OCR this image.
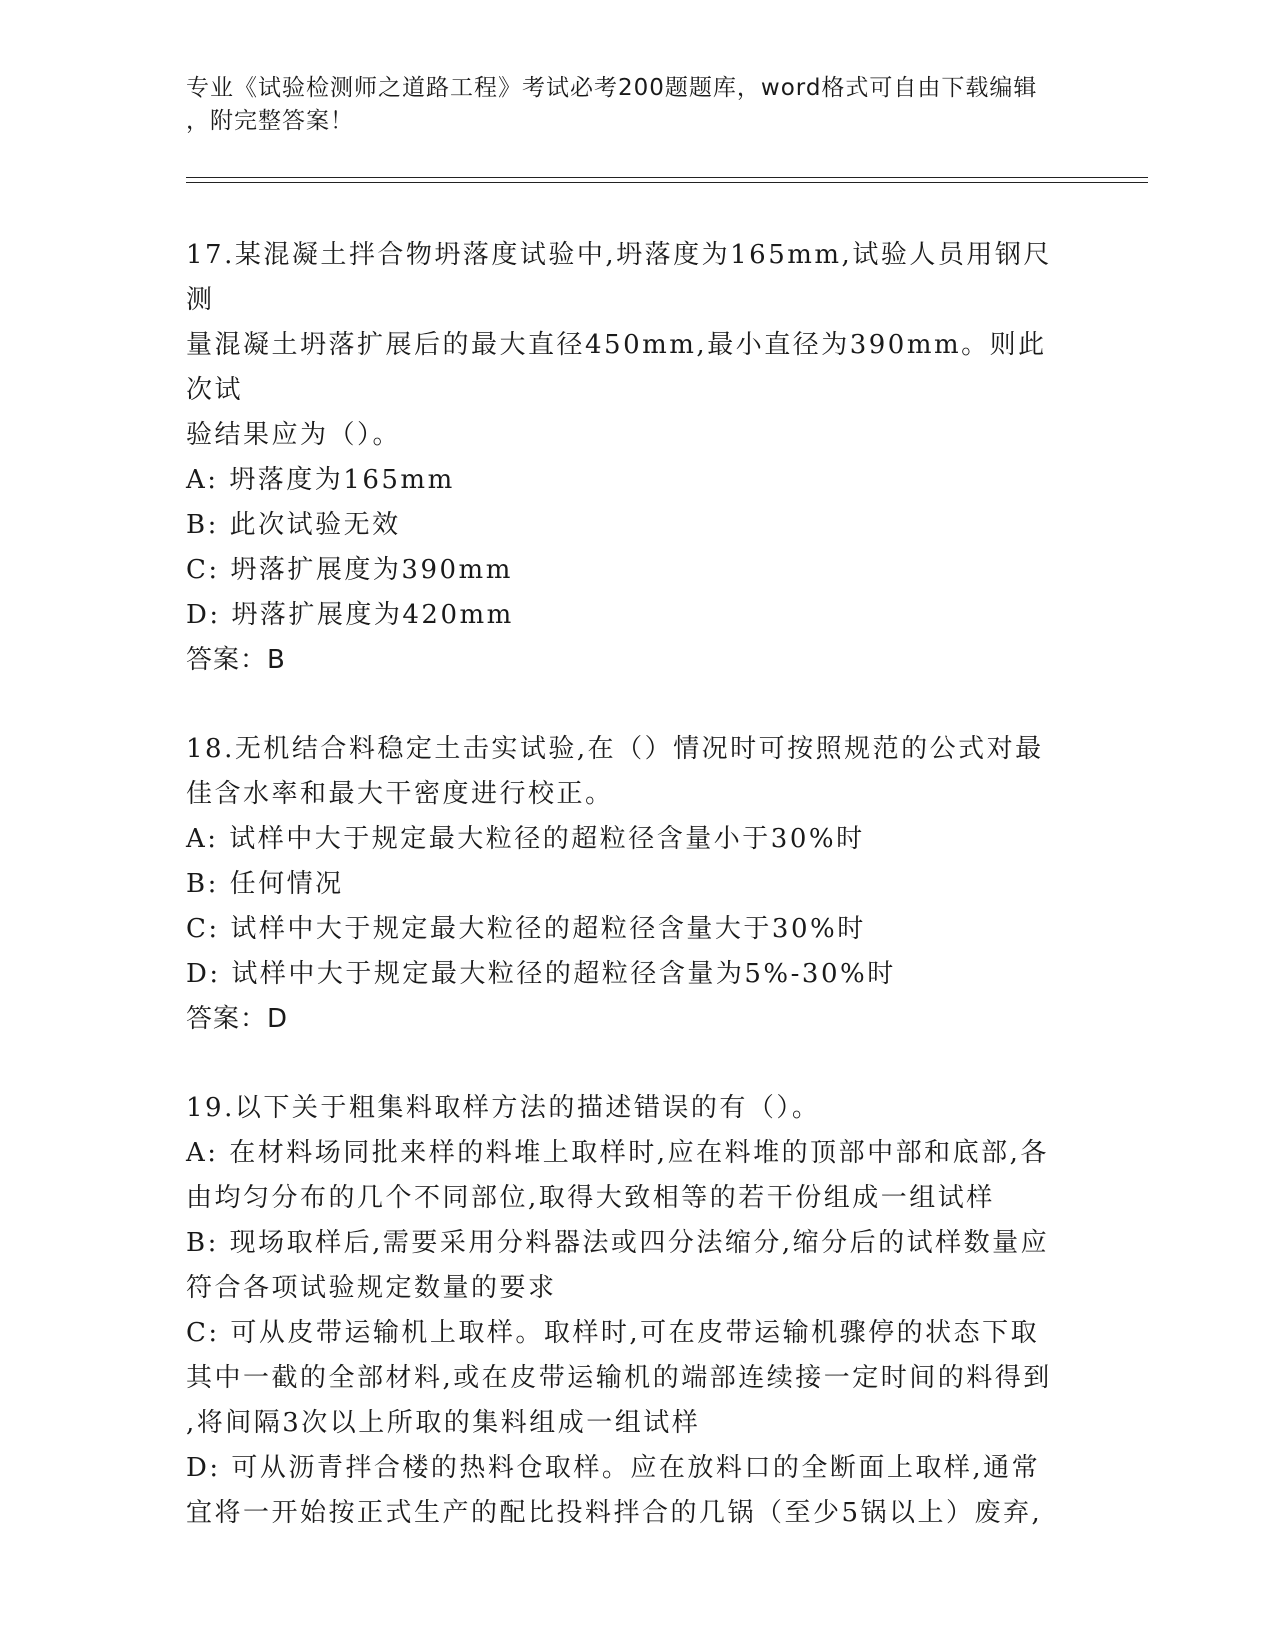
专业《试验检测师之道路工程》考试必考200题题库，word格式可自由下载编辑

，附完整答案！

17.某混凝土拌合物坍落度试验中,坍落度为165mm,试验人员用钢尺测

量混凝土坍落扩展后的最大直径450mm,最小直径为390mm。则此次试

验结果应为（）。

A: 坍落度为165mm

B: 此次试验无效

C: 坍落扩展度为390mm

D: 坍落扩展度为420mm

答案：B

18.无机结合料稳定土击实试验,在（）情况时可按照规范的公式对最

佳含水率和最大干密度进行校正。

A: 试样中大于规定最大粒径的超粒径含量小于30%时

B: 任何情况

C: 试样中大于规定最大粒径的超粒径含量大于30%时

D: 试样中大于规定最大粒径的超粒径含量为5%-30%时

答案：D

19.以下关于粗集料取样方法的描述错误的有（）。

A: 在材料场同批来样的料堆上取样时,应在料堆的顶部中部和底部,各

由均匀分布的几个不同部位,取得大致相等的若干份组成一组试样

B: 现场取样后,需要采用分料器法或四分法缩分,缩分后的试样数量应

符合各项试验规定数量的要求

C: 可从皮带运输机上取样。取样时,可在皮带运输机骤停的状态下取

其中一截的全部材料,或在皮带运输机的端部连续接一定时间的料得到

,将间隔3次以上所取的集料组成一组试样

D: 可从沥青拌合楼的热料仓取样。应在放料口的全断面上取样,通常

宜将一开始按正式生产的配比投料拌合的几锅（至少5锅以上）废弃,
